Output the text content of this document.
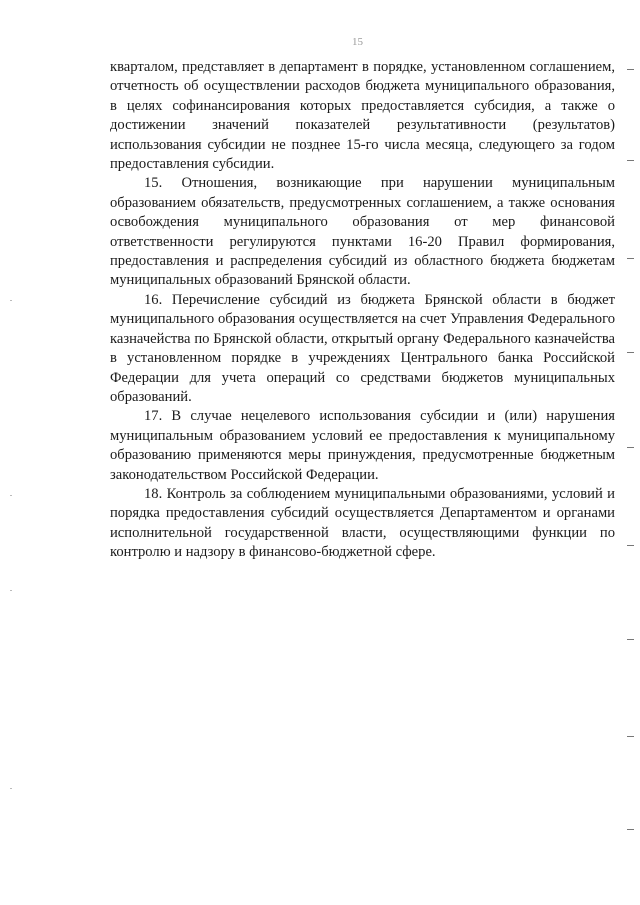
15

кварталом, представляет в департамент в порядке, установленном соглашением, отчетность об осуществлении расходов бюджета муниципального образования, в целях софинансирования которых предоставляется субсидия, а также о достижении значений показателей результативности (результатов) использования субсидии не позднее 15-го числа месяца, следующего за годом предоставления субсидии.

15. Отношения, возникающие при нарушении муниципальным образованием обязательств, предусмотренных соглашением, а также основания освобождения муниципального образования от мер финансовой ответственности регулируются пунктами 16-20 Правил формирования, предоставления и распределения субсидий из областного бюджета бюджетам муниципальных образований Брянской области.

16. Перечисление субсидий из бюджета Брянской области в бюджет муниципального образования осуществляется на счет Управления Федерального казначейства по Брянской области, открытый органу Федерального казначейства в установленном порядке в учреждениях Центрального банка Российской Федерации для учета операций со средствами бюджетов муниципальных образований.

17. В случае нецелевого использования субсидии и (или) нарушения муниципальным образованием условий ее предоставления к муниципальному образованию применяются меры принуждения, предусмотренные бюджетным законодательством Российской Федерации.

18. Контроль за соблюдением муниципальными образованиями, условий и порядка предоставления субсидий осуществляется Департаментом и органами исполнительной государственной власти, осуществляющими функции по контролю и надзору в финансово-бюджетной сфере.
